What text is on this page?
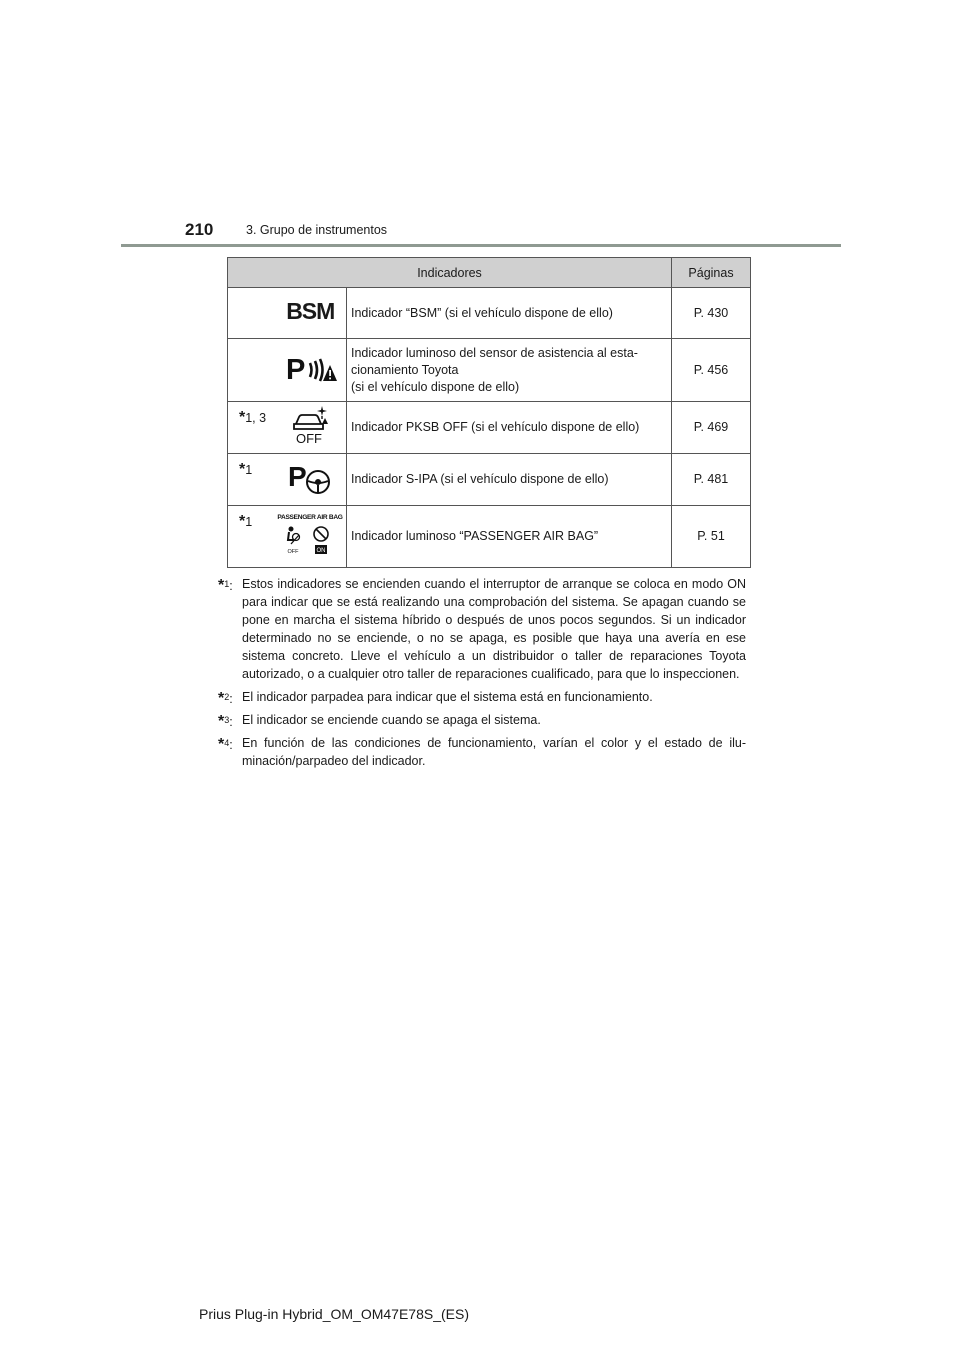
210	3. Grupo de instrumentos
Indicadores			Páginas
	BSM	Indicador “BSM” (si el vehículo dispone de ello)	P. 430

P	Indicador luminoso del sensor de asistencia al esta-
cionamiento Toyota
(si el vehículo dispone de ello)	P. 456
*1, 3	OFF	Indicador PKSB OFF (si el vehículo dispone de ello)	P. 469
*1	P	Indicador S-IPA (si el vehículo dispone de ello)	P. 481
*1	PASSENGER AIR BAG
OFF ON	Indicador luminoso “PASSENGER AIR BAG”	P. 51
*$^1$: Estos indicadores se encienden cuando el interruptor de arranque se coloca en modo ON para indicar que se está realizando una comprobación del sistema. Se apagan cuando se pone en marcha el sistema híbrido o después de unos pocos segundos. Si un indicador determinado no se enciende, o no se apaga, es posible que haya una avería en ese sistema concreto. Lleve el vehículo a un distribuidor o taller de reparaciones Toyota autorizado, o a cualquier otro taller de reparaciones cualificado, para que lo inspeccionen.
*$^2$: El indicador parpadea para indicar que el sistema está en funcionamiento.
*$^3$: El indicador se enciende cuando se apaga el sistema.
*$^4$: En función de las condiciones de funcionamiento, varían el color y el estado de ilu-minación/parpadeo del indicador.
Prius Plug-in Hybrid_OM_OM47E78S_(ES)
